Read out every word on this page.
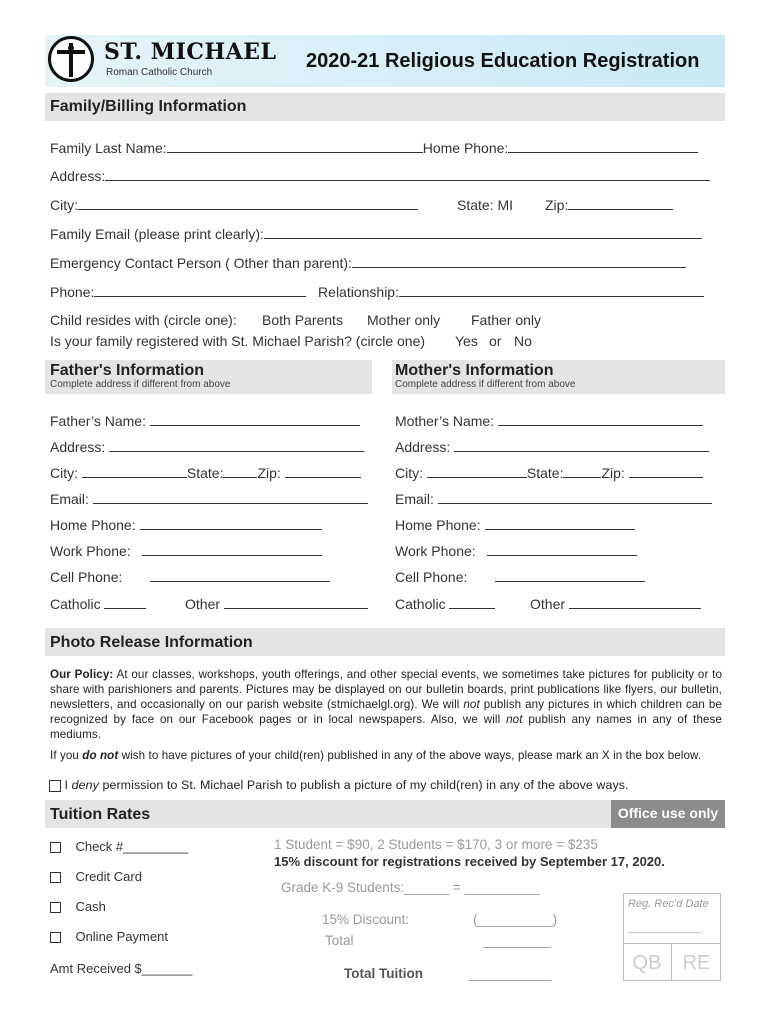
ST. MICHAEL
Roman Catholic Church
2020-21 Religious Education Registration
Family/Billing Information
Family Last Name:	Home Phone:
Address:
City:	State: MI Zip:
Family Email (please print clearly):
Emergency Contact Person ( Other than parent):
Phone:	Relationship:
Child resides with (circle one): Both Parents Mother only Father only
Is your family registered with St. Michael Parish? (circle one) Yes or No
Father's Information
Complete address if different from above
Mother's Information
Complete address if different from above
Father’s Name:
Address:
City:	State: Zip:
Email:
Home Phone:
Work Phone:
Cell Phone:
Catholic	Other
Mother’s Name:
Address:
City:	State:	Zip:
Email:
Home Phone:
Work Phone:
Cell Phone:
Catholic	Other
Photo Release Information
Our Policy: At our classes, workshops, youth offerings, and other special events, we sometimes take pictures for publicity or to share with parishioners and parents. Pictures may be displayed on our bulletin boards, print publications like flyers, our bulletin, newsletters, and occasionally on our parish website (stmichaelgl.org). We will not publish any pictures in which children can be recognized by face on our Facebook pages or in local newspapers. Also, we will not publish any names in any of these mediums.
If you do not wish to have pictures of your child(ren) published in any of the above ways, please mark an X in the box below.
I deny permission to St. Michael Parish to publish a picture of my child(ren) in any of the above ways.
Tuition Rates	Office use only
Check #_________
Credit Card
Cash
Online Payment
Amt Received $_______
1 Student = $90, 2 Students = $170, 3 or more = $235
15% discount for registrations received by September 17, 2020.
Grade K-9 Students:______ = __________
15% Discount:	(__________)
Total	_________
Total Tuition	___________
Reg. Rec’d Date
____________
QB	RE
